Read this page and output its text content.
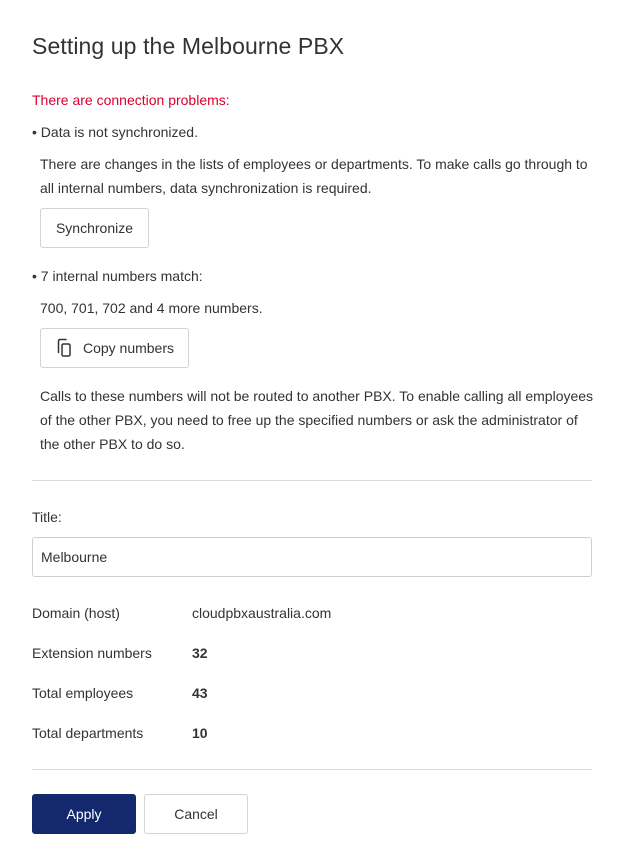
Setting up the Melbourne PBX
There are connection problems:
• Data is not synchronized.
There are changes in the lists of employees or departments. To make calls go through to all internal numbers, data synchronization is required.
Synchronize
• 7 internal numbers match:
700, 701, 702 and 4 more numbers.
Copy numbers
Calls to these numbers will not be routed to another PBX. To enable calling all employees of the other PBX, you need to free up the specified numbers or ask the administrator of the other PBX to do so.
Title:
Melbourne
Domain (host)	cloudpbxaustralia.com
Extension numbers	32
Total employees	43
Total departments	10
Apply	Cancel
